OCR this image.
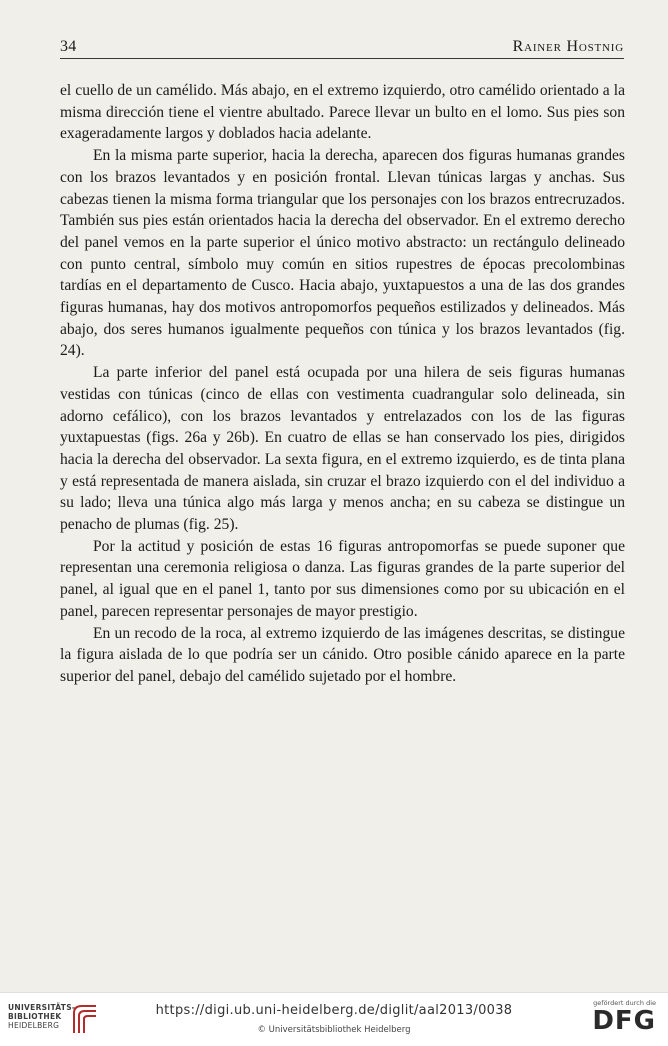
34	Rainer Hostnig

el cuello de un camélido. Más abajo, en el extremo izquierdo, otro camélido orientado a la misma dirección tiene el vientre abultado. Parece llevar un bulto en el lomo. Sus pies son exageradamente largos y doblados hacia adelante.

En la misma parte superior, hacia la derecha, aparecen dos figuras humanas grandes con los brazos levantados y en posición frontal. Llevan túnicas largas y anchas. Sus cabezas tienen la misma forma triangular que los personajes con los brazos entrecruzados. También sus pies están orientados hacia la derecha del observador. En el extremo derecho del panel vemos en la parte superior el único motivo abstracto: un rectángulo delineado con punto central, símbolo muy común en sitios rupestres de épocas precolombinas tardías en el departamento de Cusco. Hacia abajo, yuxtapuestos a una de las dos grandes figuras humanas, hay dos motivos antropomorfos pequeños estilizados y delineados. Más abajo, dos seres humanos igualmente pequeños con túnica y los brazos levantados (fig. 24).

La parte inferior del panel está ocupada por una hilera de seis figuras humanas vestidas con túnicas (cinco de ellas con vestimenta cuadrangular solo delineada, sin adorno cefálico), con los brazos levantados y entrelazados con los de las figuras yuxtapuestas (figs. 26a y 26b). En cuatro de ellas se han conservado los pies, dirigidos hacia la derecha del observador. La sexta figura, en el extremo izquierdo, es de tinta plana y está representada de manera aislada, sin cruzar el brazo izquierdo con el del individuo a su lado; lleva una túnica algo más larga y menos ancha; en su cabeza se distingue un penacho de plumas (fig. 25).

Por la actitud y posición de estas 16 figuras antropomorfas se puede suponer que representan una ceremonia religiosa o danza. Las figuras grandes de la parte superior del panel, al igual que en el panel 1, tanto por sus dimensiones como por su ubicación en el panel, parecen representar personajes de mayor prestigio.

En un recodo de la roca, al extremo izquierdo de las imágenes descritas, se distingue la figura aislada de lo que podría ser un cánido. Otro posible cánido aparece en la parte superior del panel, debajo del camélido sujetado por el hombre.

UNIVERSITÄTS-
BIBLIOTHEK
HEIDELBERG
https://digi.ub.uni-heidelberg.de/diglit/aal2013/0038
© Universitätsbibliothek Heidelberg
gefördert durch die
DFG
